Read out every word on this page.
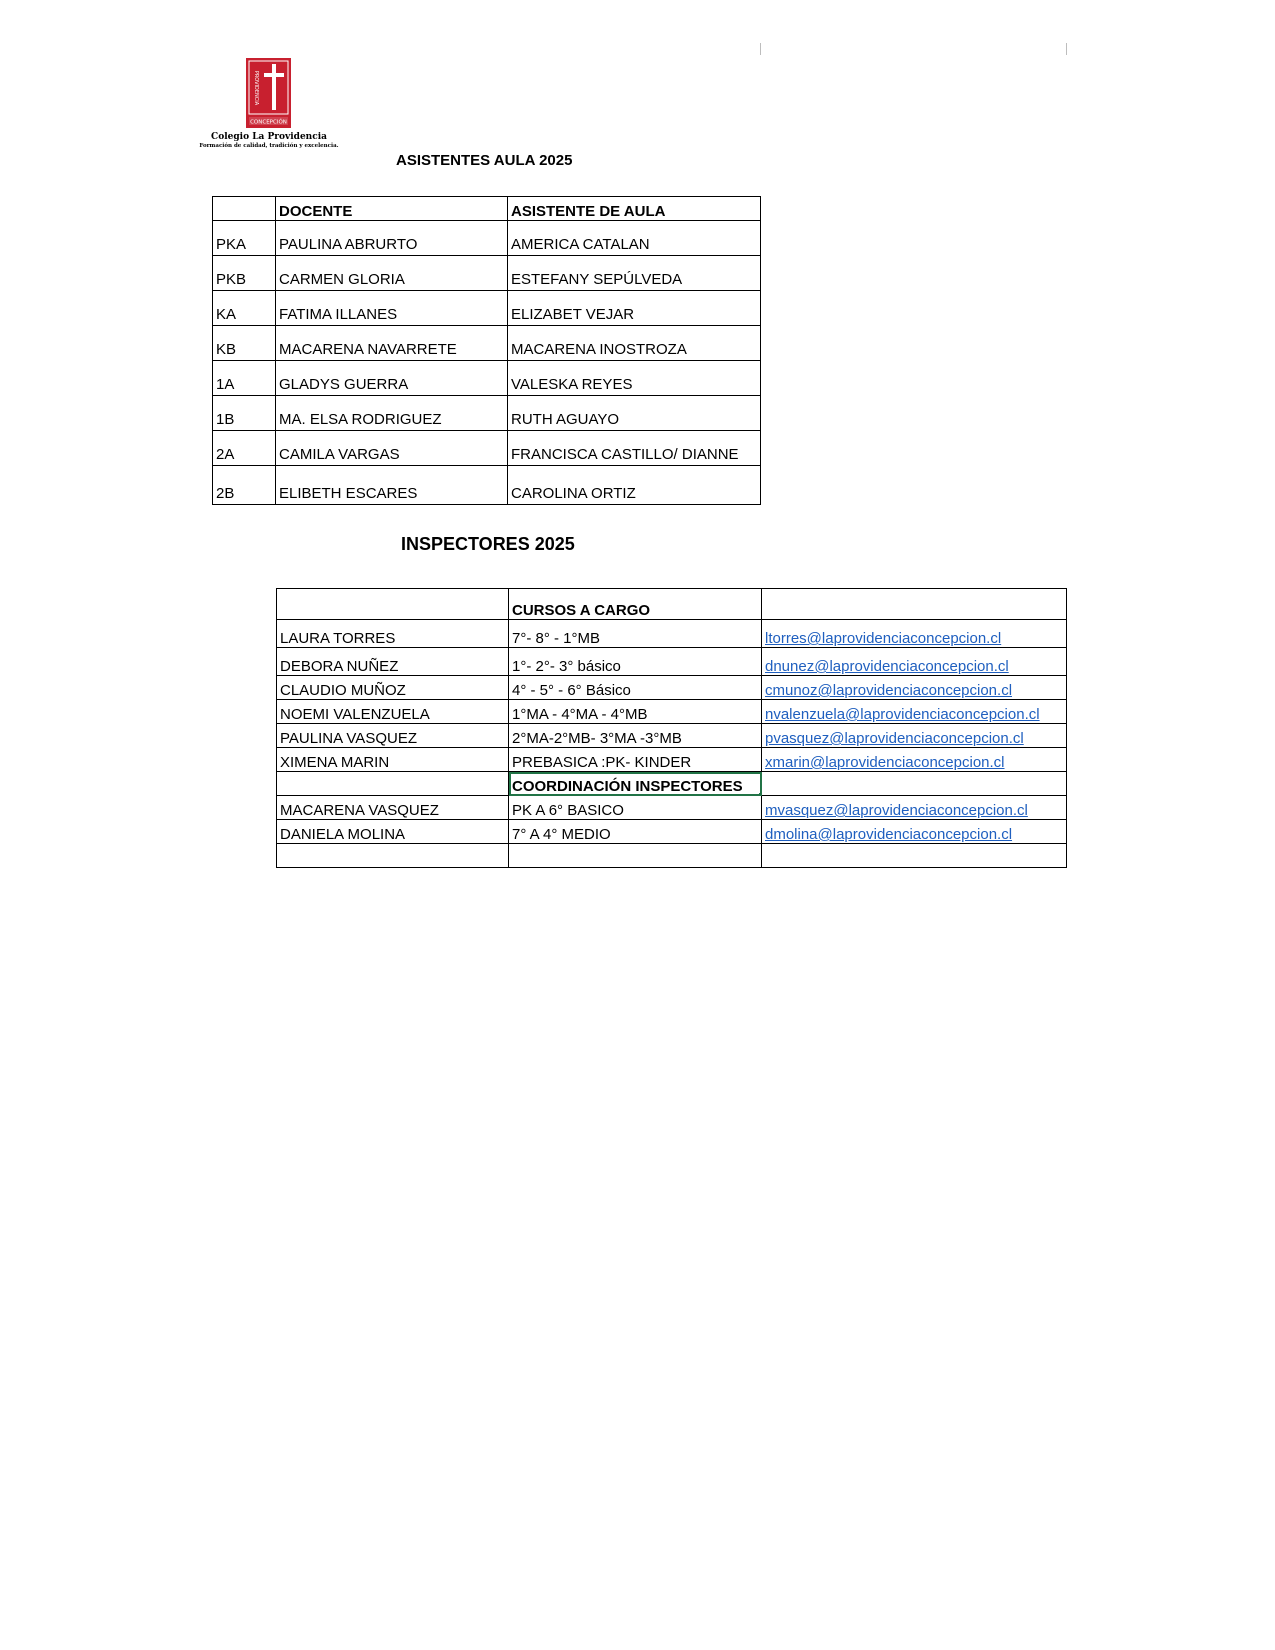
PROVIDENCIA
CONCEPCIÓN
Colegio La Providencia
Formación de calidad, tradición y excelencia.
ASISTENTES AULA 2025
	DOCENTE	ASISTENTE DE AULA
PKA	PAULINA ABRURTO	AMERICA CATALAN
PKB	CARMEN GLORIA	ESTEFANY SEPÚLVEDA
KA	FATIMA ILLANES	ELIZABET VEJAR
KB	MACARENA NAVARRETE	MACARENA INOSTROZA
1A	GLADYS GUERRA	VALESKA REYES
1B	MA. ELSA RODRIGUEZ	RUTH AGUAYO
2A	CAMILA VARGAS	FRANCISCA CASTILLO/ DIANNE
2B	ELIBETH ESCARES	CAROLINA ORTIZ
INSPECTORES 2025
	CURSOS A CARGO	
LAURA TORRES	7°- 8° - 1°MB	ltorres@laprovidenciaconcepcion.cl
DEBORA NUÑEZ	1°- 2°- 3° básico	dnunez@laprovidenciaconcepcion.cl
CLAUDIO MUÑOZ	4° - 5° - 6° Básico	cmunoz@laprovidenciaconcepcion.cl
NOEMI VALENZUELA	1°MA - 4°MA - 4°MB	nvalenzuela@laprovidenciaconcepcion.cl
PAULINA VASQUEZ	2°MA-2°MB- 3°MA -3°MB	pvasquez@laprovidenciaconcepcion.cl
XIMENA MARIN	PREBASICA :PK- KINDER	xmarin@laprovidenciaconcepcion.cl
	COORDINACIÓN INSPECTORES

MACARENA VASQUEZ	PK A 6° BASICO	mvasquez@laprovidenciaconcepcion.cl
DANIELA MOLINA	7° A 4° MEDIO	dmolina@laprovidenciaconcepcion.cl
